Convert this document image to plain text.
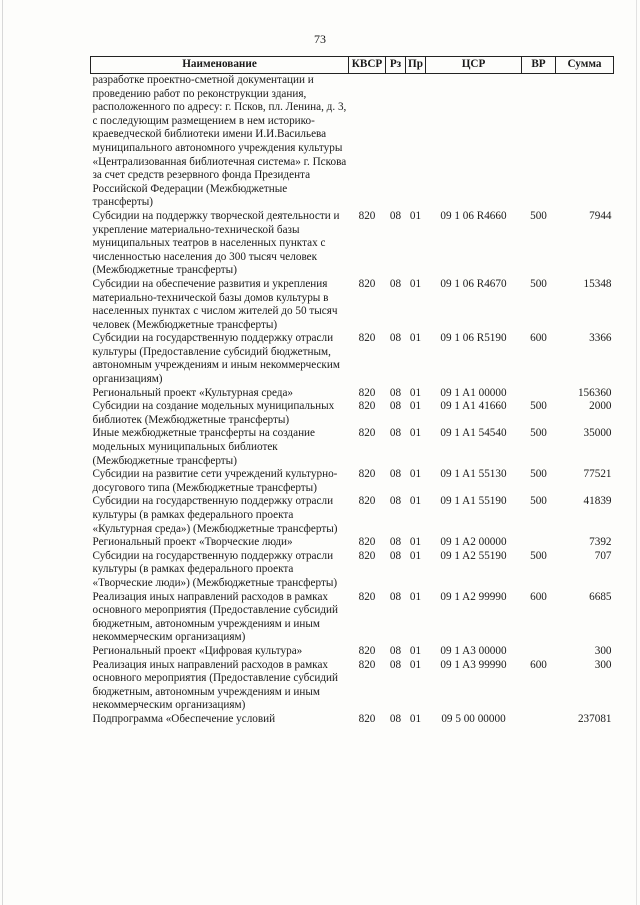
73
Наименование	КВСР	Рз	Пр	ЦСР	ВР	Сумма
разработке проектно-сметной документации и проведению работ по реконструкции здания, расположенного по адресу: г. Псков, пл. Ленина, д. 3, с последующим размещением в нем историко-краеведческой библиотеки имени И.И.Васильева муниципального автономного учреждения культуры «Централизованная библиотечная система» г. Пскова за счет средств резервного фонда Президента Российской Федерации (Межбюджетные трансферты)						
Субсидии на поддержку творческой деятельности и укрепление материально-технической базы муниципальных театров в населенных пунктах с численностью населения до 300 тысяч человек (Межбюджетные трансферты)	820	08	01	09 1 06 R4660	500	7944
Субсидии на обеспечение развития и укрепления материально-технической базы домов культуры в населенных пунктах с числом жителей до 50 тысяч человек (Межбюджетные трансферты)	820	08	01	09 1 06 R4670	500	15348
Субсидии на государственную поддержку отрасли культуры (Предоставление субсидий бюджетным, автономным учреждениям и иным некоммерческим организациям)	820	08	01	09 1 06 R5190	600	3366
Региональный проект «Культурная среда»	820	08	01	09 1 A1 00000		156360
Субсидии на создание модельных муниципальных библиотек (Межбюджетные трансферты)	820	08	01	09 1 A1 41660	500	2000
Иные межбюджетные трансферты на создание модельных муниципальных библиотек (Межбюджетные трансферты)	820	08	01	09 1 A1 54540	500	35000
Субсидии на развитие сети учреждений культурно-досугового типа (Межбюджетные трансферты)	820	08	01	09 1 A1 55130	500	77521
Субсидии на государственную поддержку отрасли культуры (в рамках федерального проекта «Культурная среда») (Межбюджетные трансферты)	820	08	01	09 1 A1 55190	500	41839
Региональный проект «Творческие люди»	820	08	01	09 1 A2 00000		7392
Субсидии на государственную поддержку отрасли культуры (в рамках федерального проекта «Творческие люди») (Межбюджетные трансферты)	820	08	01	09 1 A2 55190	500	707
Реализация иных направлений расходов в рамках основного мероприятия (Предоставление субсидий бюджетным, автономным учреждениям и иным некоммерческим организациям)	820	08	01	09 1 A2 99990	600	6685
Региональный проект «Цифровая культура»	820	08	01	09 1 A3 00000		300
Реализация иных направлений расходов в рамках основного мероприятия (Предоставление субсидий бюджетным, автономным учреждениям и иным некоммерческим организациям)	820	08	01	09 1 A3 99990	600	300
Подпрограмма «Обеспечение условий	820	08	01	09 5 00 00000		237081
